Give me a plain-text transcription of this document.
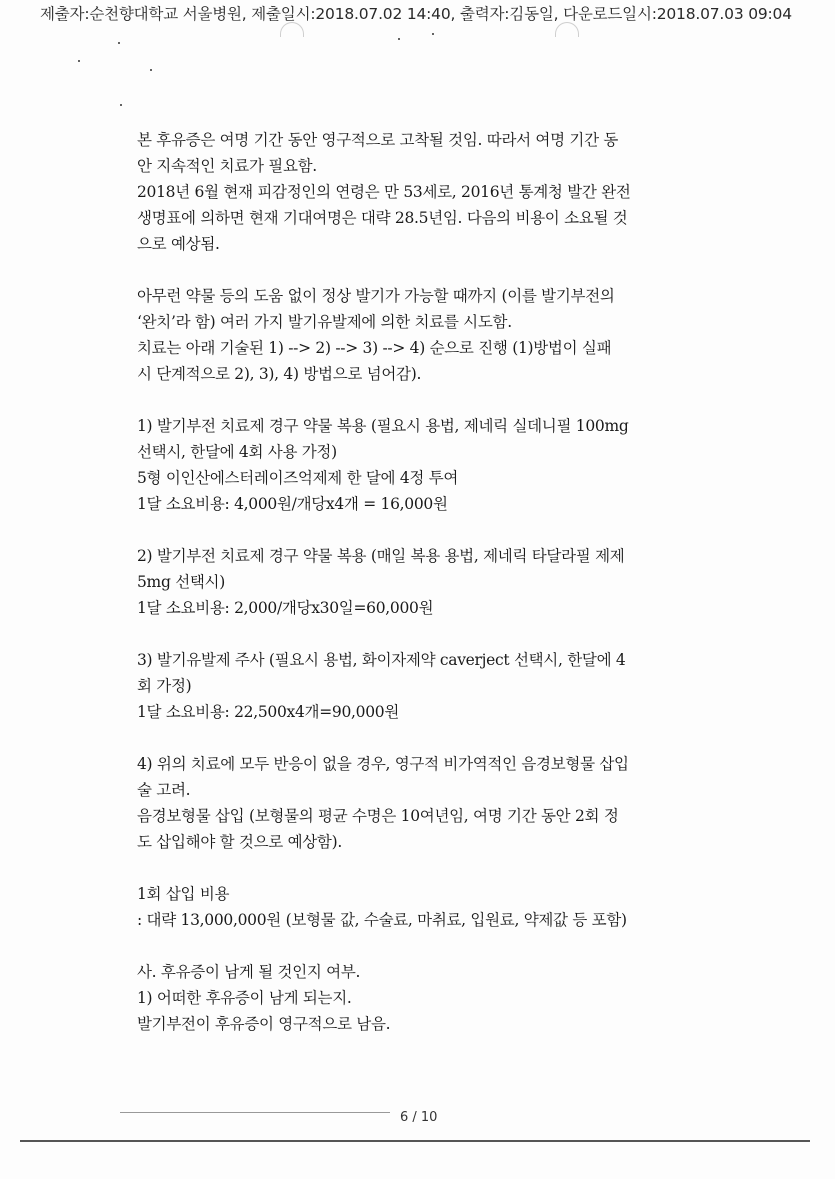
제출자:순천향대학교 서울병원, 제출일시:2018.07.02 14:40, 출력자:김동일, 다운로드일시:2018.07.03 09:04
본 후유증은 여명 기간 동안 영구적으로 고착될 것임. 따라서 여명 기간 동
안 지속적인 치료가 필요함.
2018년 6월 현재 피감정인의 연령은 만 53세로, 2016년 통계청 발간 완전
생명표에 의하면 현재 기대여명은 대략 28.5년임. 다음의 비용이 소요될 것
으로 예상됨.
아무런 약물 등의 도움 없이 정상 발기가 가능할 때까지 (이를 발기부전의
‘완치’라 함) 여러 가지 발기유발제에 의한 치료를 시도함.
치료는 아래 기술된 1) --> 2) --> 3) --> 4) 순으로 진행 (1)방법이 실패
시 단계적으로 2), 3), 4) 방법으로 넘어감).
1) 발기부전 치료제 경구 약물 복용 (필요시 용법, 제네릭 실데니필 100mg
선택시, 한달에 4회 사용 가정)
5형 이인산에스터레이즈억제제 한 달에 4정 투여
1달 소요비용: 4,000원/개당x4개 = 16,000원
2) 발기부전 치료제 경구 약물 복용 (매일 복용 용법, 제네릭 타달라필 제제
5mg 선택시)
1달 소요비용: 2,000/개당x30일=60,000원
3) 발기유발제 주사 (필요시 용법, 화이자제약 caverject 선택시, 한달에 4
회 가정)
1달 소요비용: 22,500x4개=90,000원
4) 위의 치료에 모두 반응이 없을 경우, 영구적 비가역적인 음경보형물 삽입
술 고려.
음경보형물 삽입 (보형물의 평균 수명은 10여년임, 여명 기간 동안 2회 정
도 삽입해야 할 것으로 예상함).
1회 삽입 비용
: 대략 13,000,000원 (보형물 값, 수술료, 마취료, 입원료, 약제값 등 포함)
사. 후유증이 남게 될 것인지 여부.
1) 어떠한 후유증이 남게 되는지.
발기부전이 후유증이 영구적으로 남음.
6 / 10
